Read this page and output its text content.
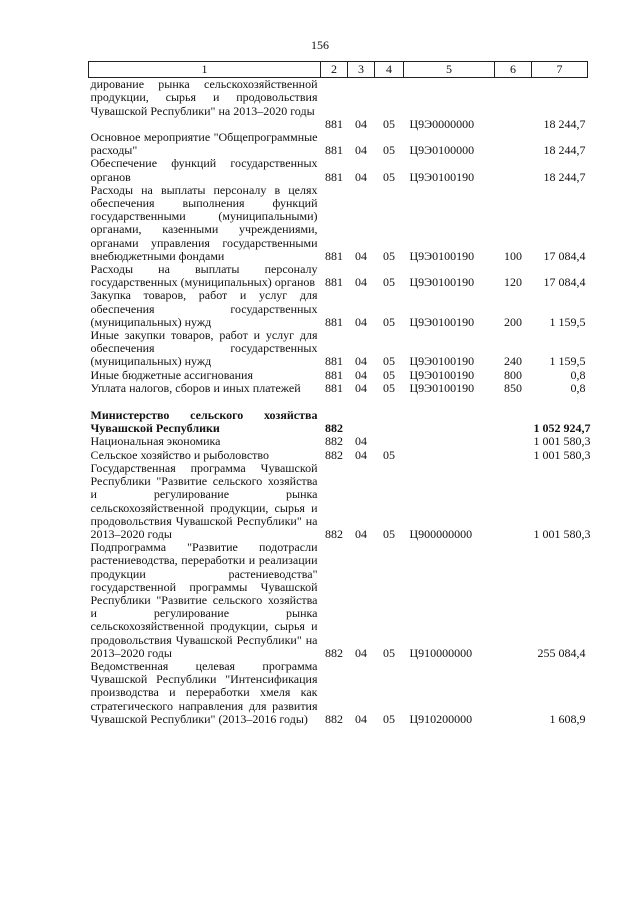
156
1	2	3	4	5	6	7
дирование рынка сельскохозяйственной продукции, сырья и продовольствия Чувашской Республики" на 2013–2020 годы						
	881	04	05	Ц9Э0000000		18 244,7
Основное мероприятие "Общепрограммные расходы"	881	04	05	Ц9Э0100000		18 244,7
Обеспечение функций государственных органов	881	04	05	Ц9Э0100190		18 244,7
Расходы на выплаты персоналу в целях обеспечения выполнения функций государственными (муниципальными) органами, казенными учреждениями, органами управления государственными внебюджетными фондами	881	04	05	Ц9Э0100190	100	17 084,4
Расходы на выплаты персоналу государственных (муниципальных) органов	881	04	05	Ц9Э0100190	120	17 084,4
Закупка товаров, работ и услуг для обеспечения государственных (муниципальных) нужд	881	04	05	Ц9Э0100190	200	1 159,5
Иные закупки товаров, работ и услуг для обеспечения государственных (муниципальных) нужд	881	04	05	Ц9Э0100190	240	1 159,5
Иные бюджетные ассигнования	881	04	05	Ц9Э0100190	800	0,8
Уплата налогов, сборов и иных платежей	881	04	05	Ц9Э0100190	850	0,8

Министерство сельского хозяйства Чувашской Республики	882					1 052 924,7
Национальная экономика	882	04				1 001 580,3
Сельское хозяйство и рыболовство	882	04	05			1 001 580,3
Государственная программа Чувашской Республики "Развитие сельского хозяйства и регулирование рынка сельскохозяйственной продукции, сырья и продовольствия Чувашской Республики" на 2013–2020 годы	882	04	05	Ц900000000		1 001 580,3
Подпрограмма "Развитие подотрасли растениеводства, переработки и реализации продукции растениеводства" государственной программы Чувашской Республики "Развитие сельского хозяйства и регулирование рынка сельскохозяйственной продукции, сырья и продовольствия Чувашской Республики" на 2013–2020 годы	882	04	05	Ц910000000		255 084,4
Ведомственная целевая программа Чувашской Республики "Интенсификация производства и переработки хмеля как стратегического направления для развития Чувашской Республики" (2013–2016 годы)	882	04	05	Ц910200000		1 608,9
